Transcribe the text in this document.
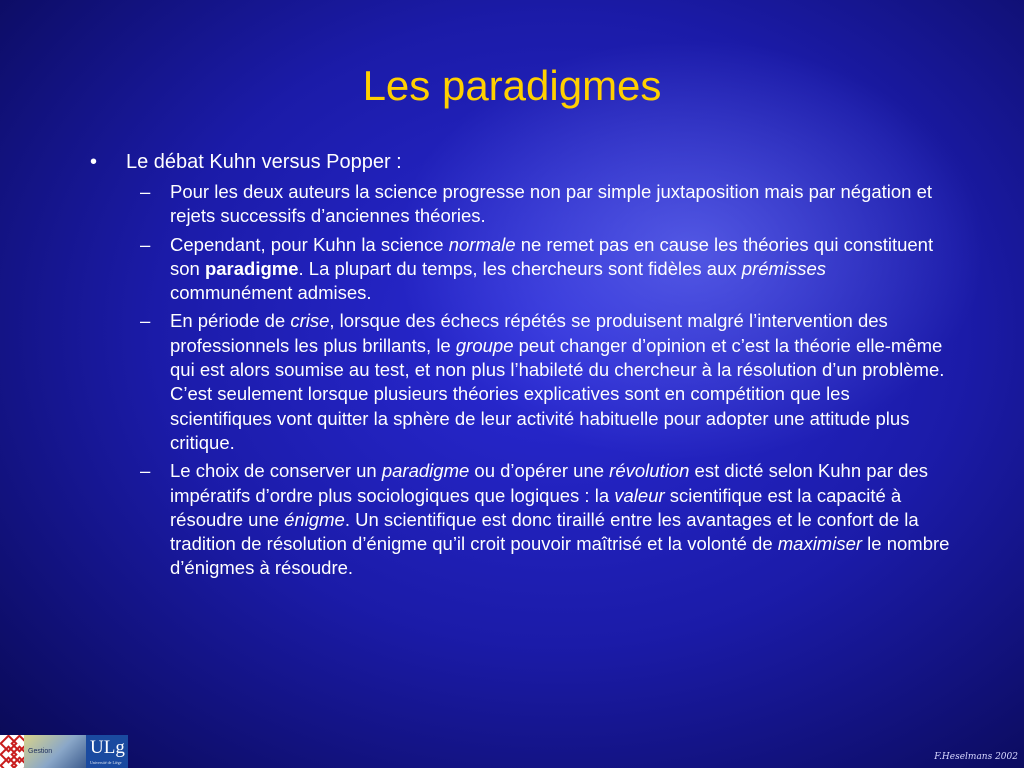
Les paradigmes
• Le débat Kuhn versus Popper :
– Pour les deux auteurs la science progresse non par simple juxtaposition mais par négation et rejets successifs d’anciennes théories.
– Cependant, pour Kuhn la science normale ne remet pas en cause les théories qui constituent son paradigme. La plupart du temps, les chercheurs sont fidèles aux prémisses communément admises.
– En période de crise, lorsque des échecs répétés se produisent malgré l’intervention des professionnels les plus brillants, le groupe peut changer d’opinion et c’est la théorie elle-même qui est alors soumise au test, et non plus l’habileté du chercheur à la résolution d’un problème. C’est seulement lorsque plusieurs théories explicatives sont en compétition que les scientifiques vont quitter la sphère de leur activité habituelle pour adopter une attitude plus critique.
– Le choix de conserver un paradigme ou d’opérer une révolution est dicté selon Kuhn par des impératifs d’ordre plus sociologiques que logiques : la valeur scientifique est la capacité à résoudre une énigme. Un scientifique est donc tiraillé entre les avantages et le confort de la tradition de résolution d’énigme qu’il croit pouvoir maîtrisé et la volonté de maximiser le nombre d’énigmes à résoudre.
Gestion ULg
Université de Liège
F.Heselmans 2002
